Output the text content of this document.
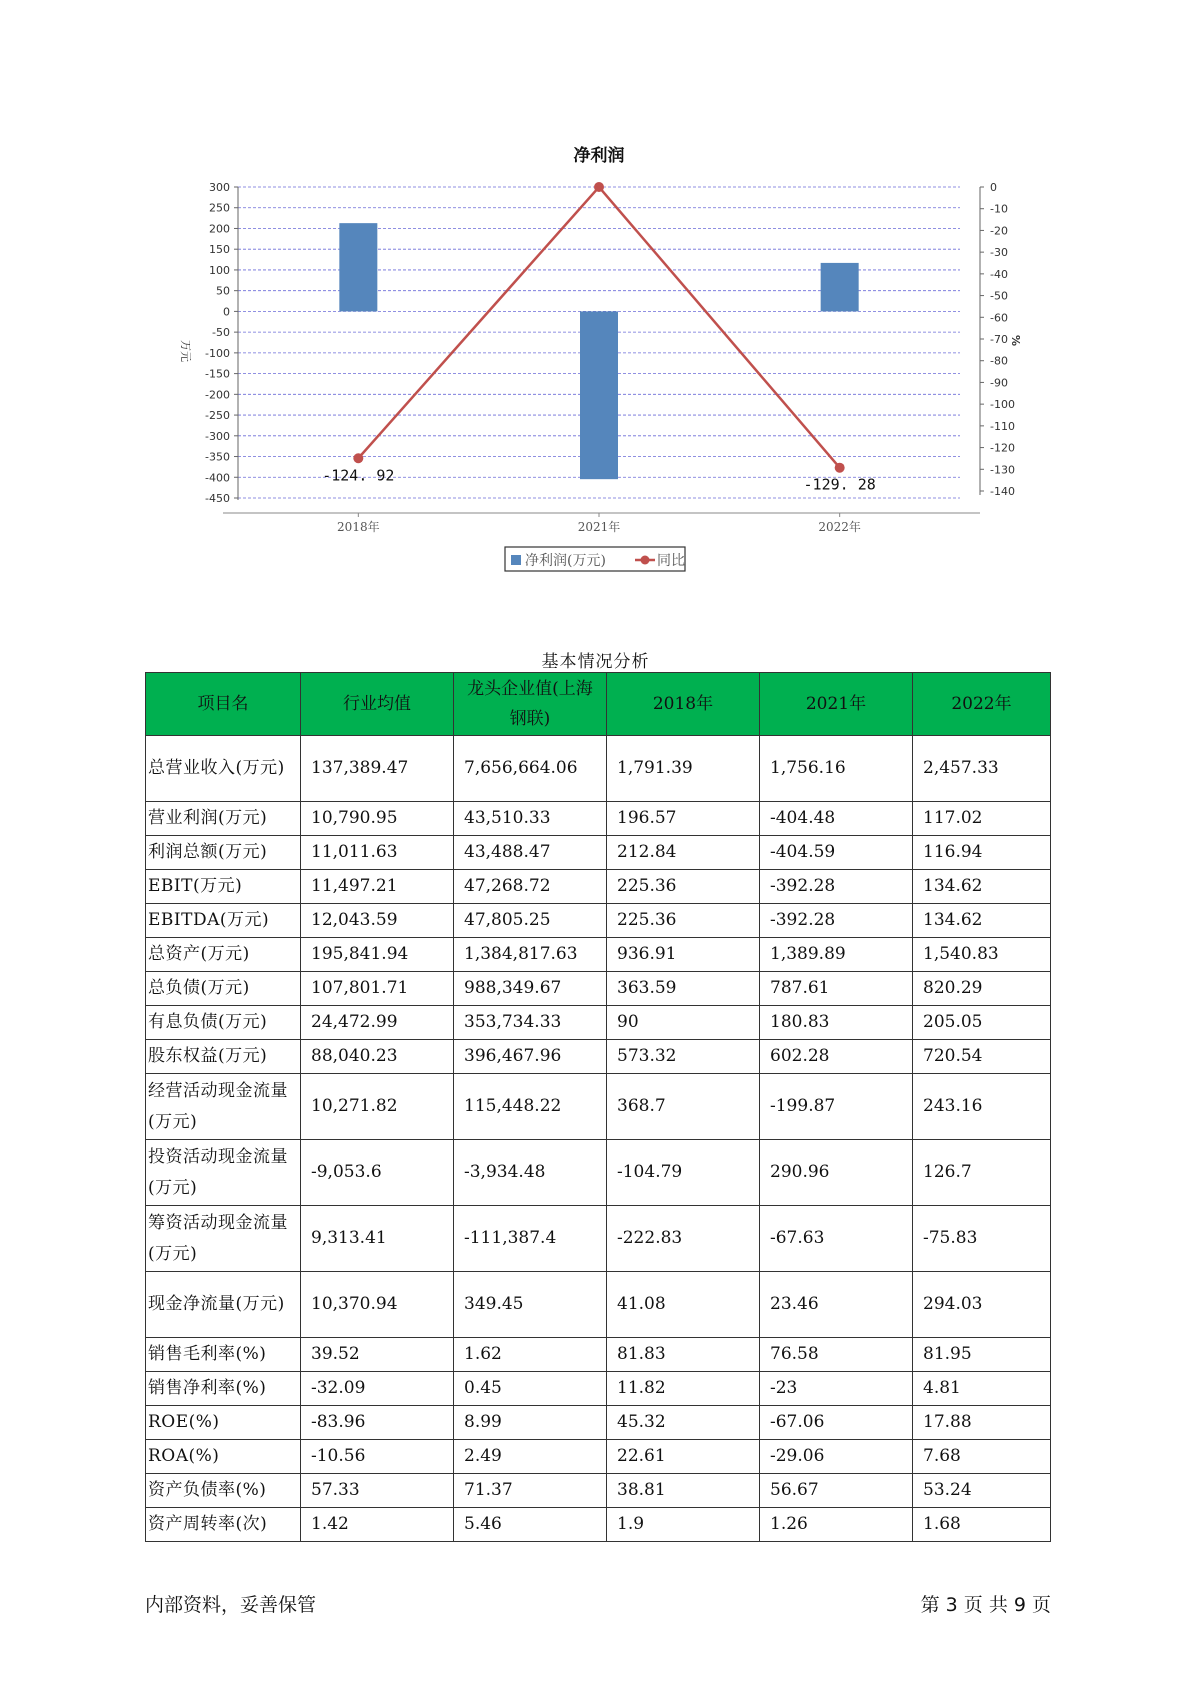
净利润
300
250
200
150
100
50
0
-50
-100
-150
-200
-250
-300
-350
-400
-450
0
-10
-20
-30
-40
-50
-60
-70
-80
-90
-100
-110
-120
-130
-140
万元	%
2018年	2021年	2022年
-124. 92
-129. 28
净利润(万元)	同比
基本情况分析
项目名	行业均值	龙头企业值(上海钢联)	2018年	2021年	2022年
总营业收入(万元)	137,389.47	7,656,664.06	1,791.39	1,756.16	2,457.33
营业利润(万元)	10,790.95	43,510.33	196.57	-404.48	117.02
利润总额(万元)	11,011.63	43,488.47	212.84	-404.59	116.94
EBIT(万元)	11,497.21	47,268.72	225.36	-392.28	134.62
EBITDA(万元)	12,043.59	47,805.25	225.36	-392.28	134.62
总资产(万元)	195,841.94	1,384,817.63	936.91	1,389.89	1,540.83
总负债(万元)	107,801.71	988,349.67	363.59	787.61	820.29
有息负债(万元)	24,472.99	353,734.33	90	180.83	205.05
股东权益(万元)	88,040.23	396,467.96	573.32	602.28	720.54
经营活动现金流量(万元)	10,271.82	115,448.22	368.7	-199.87	243.16
投资活动现金流量(万元)	-9,053.6	-3,934.48	-104.79	290.96	126.7
筹资活动现金流量(万元)	9,313.41	-111,387.4	-222.83	-67.63	-75.83
现金净流量(万元)	10,370.94	349.45	41.08	23.46	294.03
销售毛利率(%)	39.52	1.62	81.83	76.58	81.95
销售净利率(%)	-32.09	0.45	11.82	-23	4.81
ROE(%)	-83.96	8.99	45.32	-67.06	17.88
ROA(%)	-10.56	2.49	22.61	-29.06	7.68
资产负债率(%)	57.33	71.37	38.81	56.67	53.24
资产周转率(次)	1.42	5.46	1.9	1.26	1.68
内部资料，妥善保管	第 3 页 共 9 页
